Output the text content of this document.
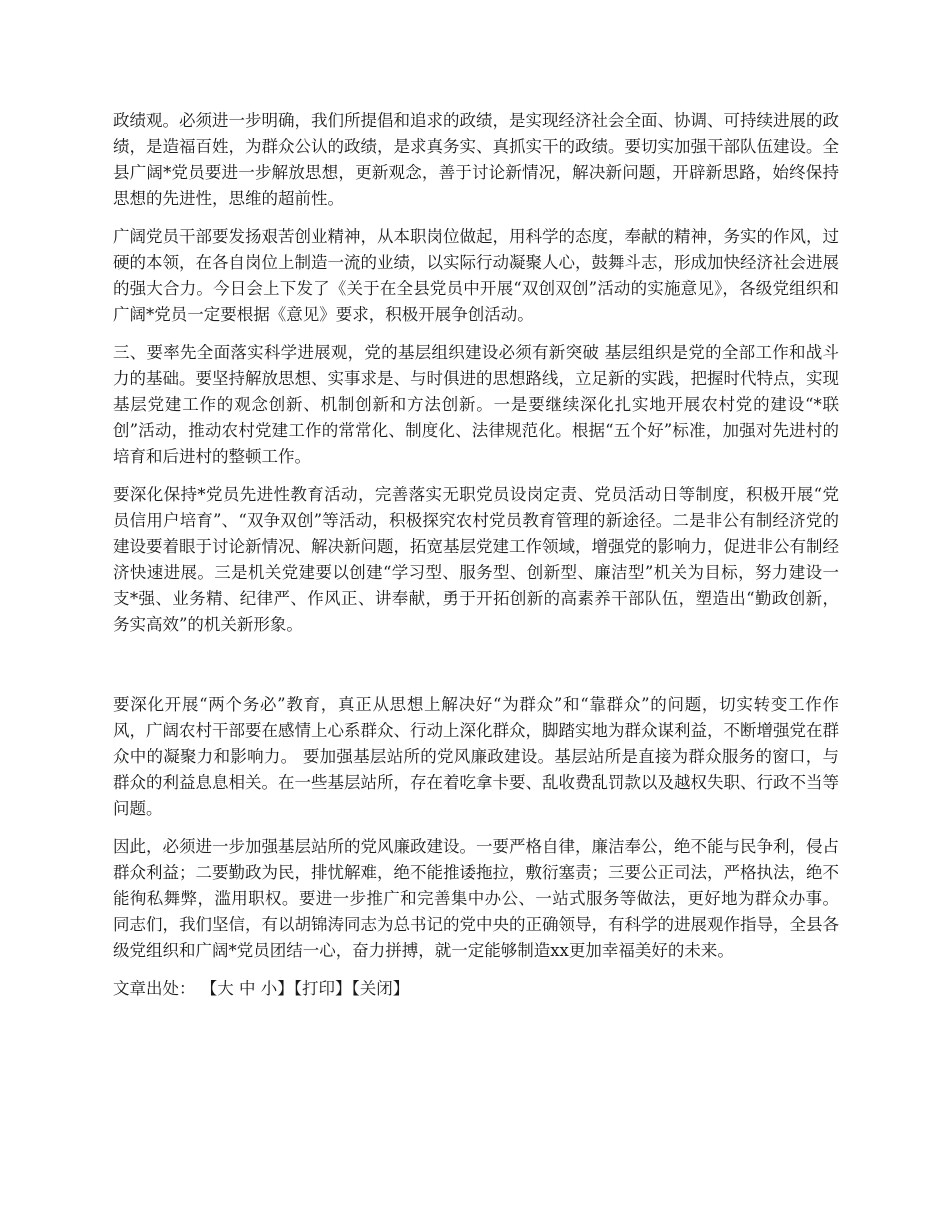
政绩观。必须进一步明确，我们所提倡和追求的政绩，是实现经济社会全面、协调、可持续进展的政绩，是造福百姓，为群众公认的政绩，是求真务实、真抓实干的政绩。要切实加强干部队伍建设。全县广阔*党员要进一步解放思想，更新观念，善于讨论新情况，解决新问题，开辟新思路，始终保持思想的先进性，思维的超前性。

广阔党员干部要发扬艰苦创业精神，从本职岗位做起，用科学的态度，奉献的精神，务实的作风，过硬的本领，在各自岗位上制造一流的业绩，以实际行动凝聚人心，鼓舞斗志，形成加快经济社会进展的强大合力。今日会上下发了《关于在全县党员中开展“双创双创”活动的实施意见》，各级党组织和广阔*党员一定要根据《意见》要求，积极开展争创活动。

三、要率先全面落实科学进展观，党的基层组织建设必须有新突破 基层组织是党的全部工作和战斗力的基础。要坚持解放思想、实事求是、与时俱进的思想路线，立足新的实践，把握时代特点，实现基层党建工作的观念创新、机制创新和方法创新。一是要继续深化扎实地开展农村党的建设“*联创”活动，推动农村党建工作的常常化、制度化、法律规范化。根据“五个好”标准，加强对先进村的培育和后进村的整顿工作。

要深化保持*党员先进性教育活动，完善落实无职党员设岗定责、党员活动日等制度，积极开展“党员信用户培育”、“双争双创”等活动，积极探究农村党员教育管理的新途径。二是非公有制经济党的建设要着眼于讨论新情况、解决新问题，拓宽基层党建工作领域，增强党的影响力，促进非公有制经济快速进展。三是机关党建要以创建“学习型、服务型、创新型、廉洁型”机关为目标，努力建设一支*强、业务精、纪律严、作风正、讲奉献，勇于开拓创新的高素养干部队伍，塑造出“勤政创新，务实高效”的机关新形象。

要深化开展“两个务必”教育，真正从思想上解决好“为群众”和“靠群众”的问题，切实转变工作作风，广阔农村干部要在感情上心系群众、行动上深化群众，脚踏实地为群众谋利益，不断增强党在群众中的凝聚力和影响力。 要加强基层站所的党风廉政建设。基层站所是直接为群众服务的窗口，与群众的利益息息相关。在一些基层站所，存在着吃拿卡要、乱收费乱罚款以及越权失职、行政不当等问题。

因此，必须进一步加强基层站所的党风廉政建设。一要严格自律，廉洁奉公，绝不能与民争利，侵占群众利益；二要勤政为民，排忧解难，绝不能推诿拖拉，敷衍塞责；三要公正司法，严格执法，绝不能徇私舞弊，滥用职权。要进一步推广和完善集中办公、一站式服务等做法，更好地为群众办事。 同志们，我们坚信，有以胡锦涛同志为总书记的党中央的正确领导，有科学的进展观作指导，全县各级党组织和广阔*党员团结一心，奋力拼搏，就一定能够制造xx更加幸福美好的未来。

文章出处： 【大 中 小】【打印】【关闭】
